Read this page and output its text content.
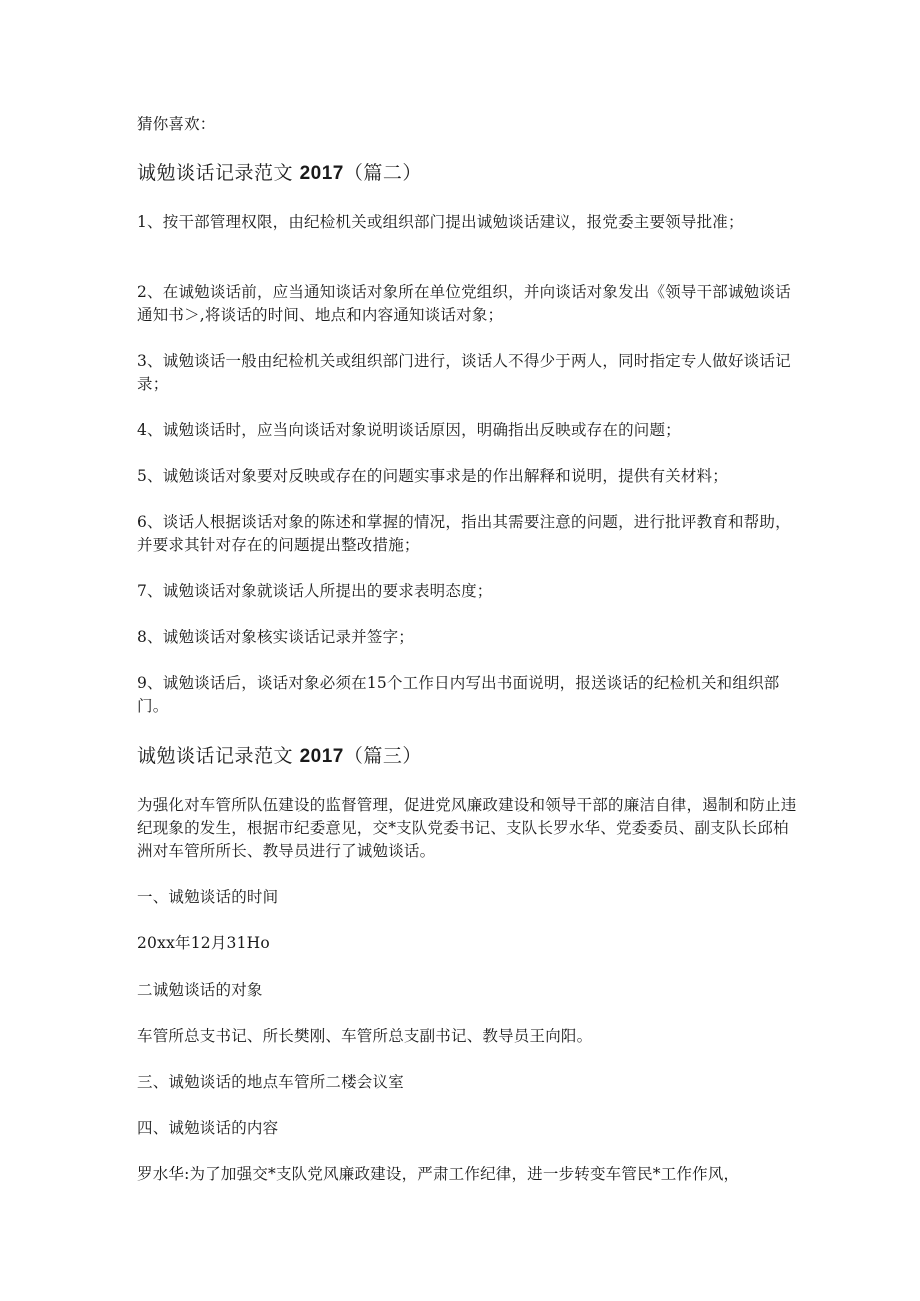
猜你喜欢：
诚勉谈话记录范文 2017（篇二）
1、按干部管理权限，由纪检机关或组织部门提出诚勉谈话建议，报党委主要领导批准；
2、在诚勉谈话前，应当通知谈话对象所在单位党组织，并向谈话对象发出《领导干部诚勉谈话通知书＞,将谈话的时间、地点和内容通知谈话对象；
3、诚勉谈话一般由纪检机关或组织部门进行，谈话人不得少于两人，同时指定专人做好谈话记录；
4、诚勉谈话时，应当向谈话对象说明谈话原因，明确指出反映或存在的问题；
5、诚勉谈话对象要对反映或存在的问题实事求是的作出解释和说明，提供有关材料；
6、谈话人根据谈话对象的陈述和掌握的情况，指出其需要注意的问题，进行批评教育和帮助，并要求其针对存在的问题提出整改措施；
7、诚勉谈话对象就谈话人所提出的要求表明态度；
8、诚勉谈话对象核实谈话记录并签字；
9、诚勉谈话后，谈话对象必须在15个工作日内写出书面说明，报送谈话的纪检机关和组织部门。
诚勉谈话记录范文 2017（篇三）
为强化对车管所队伍建设的监督管理，促进党风廉政建设和领导干部的廉洁自律，遏制和防止违纪现象的发生，根据市纪委意见，交*支队党委书记、支队长罗水华、党委委员、副支队长邱柏洲对车管所所长、教导员进行了诚勉谈话。
一、诚勉谈话的时间
20xx年12月31Ho
二诚勉谈话的对象
车管所总支书记、所长樊刚、车管所总支副书记、教导员王向阳。
三、诚勉谈话的地点车管所二楼会议室
四、诚勉谈话的内容
罗水华:为了加强交*支队党风廉政建设，严肃工作纪律，进一步转变车管民*工作作风，
